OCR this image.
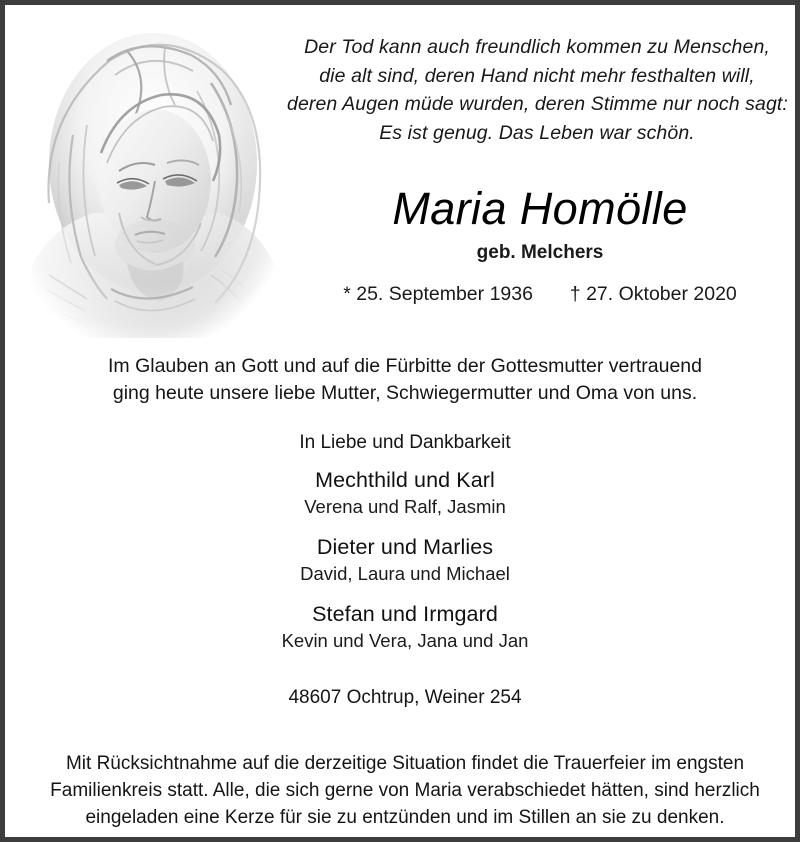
Der Tod kann auch freundlich kommen zu Menschen,
die alt sind, deren Hand nicht mehr festhalten will,
deren Augen müde wurden, deren Stimme nur noch sagt:
Es ist genug. Das Leben war schön.
Maria Homölle
geb. Melchers
* 25. September 1936 † 27. Oktober 2020
Im Glauben an Gott und auf die Fürbitte der Gottesmutter vertrauend
ging heute unsere liebe Mutter, Schwiegermutter und Oma von uns.
In Liebe und Dankbarkeit
Mechthild und Karl
Verena und Ralf, Jasmin
Dieter und Marlies
David, Laura und Michael
Stefan und Irmgard
Kevin und Vera, Jana und Jan
48607 Ochtrup, Weiner 254
Mit Rücksichtnahme auf die derzeitige Situation findet die Trauerfeier im engsten
Familienkreis statt. Alle, die sich gerne von Maria verabschiedet hätten, sind herzlich
eingeladen eine Kerze für sie zu entzünden und im Stillen an sie zu denken.
